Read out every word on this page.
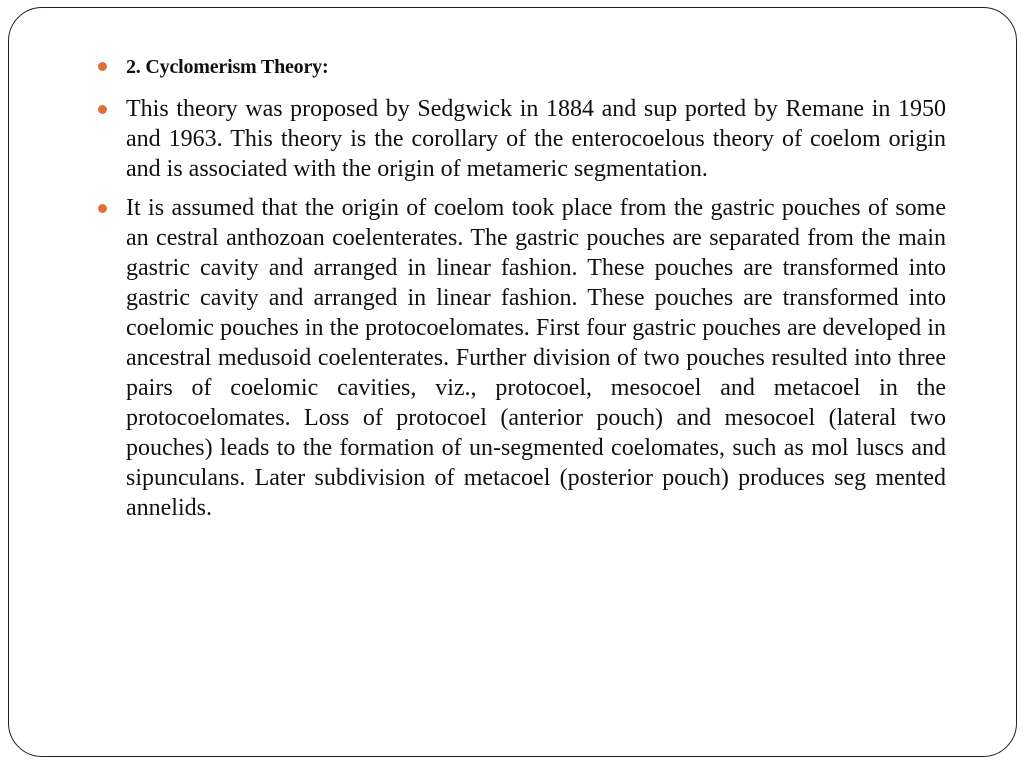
2. Cyclomerism Theory:

This theory was proposed by Sedgwick in 1884 and sup ported by Remane in 1950 and 1963. This theory is the corollary of the enterocoelous theory of coelom origin and is associated with the origin of metameric segmentation.

It is assumed that the origin of coelom took place from the gastric pouches of some an cestral anthozoan coelenterates. The gastric pouches are separated from the main gastric cavity and arranged in linear fashion. These pouches are transformed into gastric cavity and arranged in linear fashion. These pouches are transformed into coelomic pouches in the protocoelomates. First four gastric pouches are developed in ancestral medusoid coelenterates. Further division of two pouches resulted into three pairs of coelomic cavities, viz., protocoel, mesocoel and metacoel in the protocoelomates. Loss of protocoel (anterior pouch) and mesocoel (lateral two pouches) leads to the formation of un-segmented coelomates, such as mol luscs and sipunculans. Later subdivision of metacoel (posterior pouch) produces seg mented annelids.
